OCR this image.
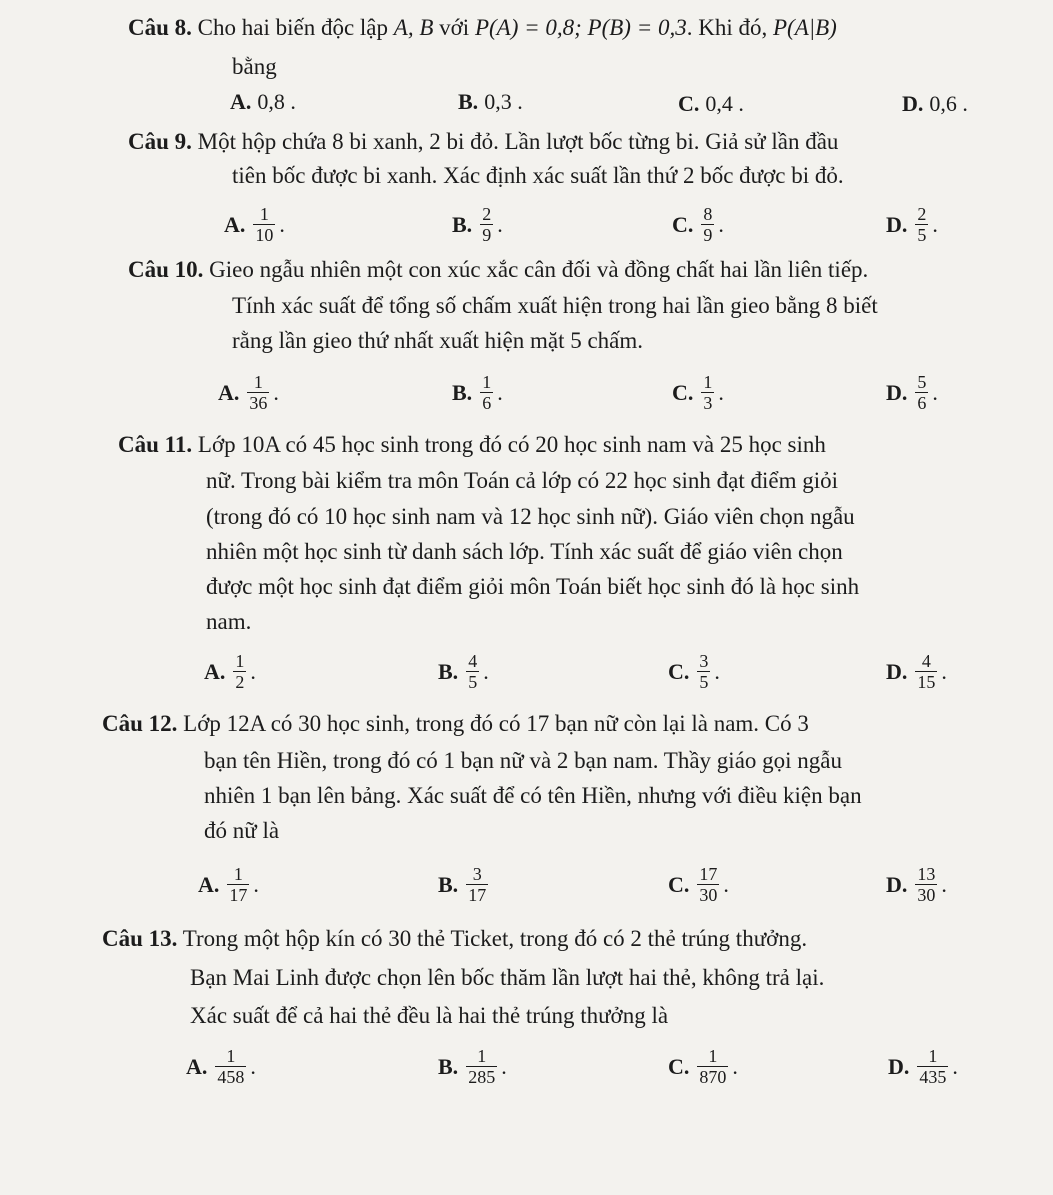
Câu 8. Cho hai biến độc lập A, B với P(A) = 0,8; P(B) = 0,3. Khi đó, P(A|B)
bằng
A. 0,8 .	B. 0,3 .	C. 0,4 .	D. 0,6 .
Câu 9. Một hộp chứa 8 bi xanh, 2 bi đỏ. Lần lượt bốc từng bi. Giả sử lần đầu
tiên bốc được bi xanh. Xác định xác suất lần thứ 2 bốc được bi đỏ.
A. $\frac{1}{10}$ .	B. $\frac{2}{9}$ .	C. $\frac{8}{9}$ .	D. $\frac{2}{5}$ .
Câu 10. Gieo ngẫu nhiên một con xúc xắc cân đối và đồng chất hai lần liên tiếp.
Tính xác suất để tổng số chấm xuất hiện trong hai lần gieo bằng 8 biết
rằng lần gieo thứ nhất xuất hiện mặt 5 chấm.
A. $\frac{1}{36}$ .	B. $\frac{1}{6}$ .	C. $\frac{1}{3}$ .	D. $\frac{5}{6}$ .
Câu 11. Lớp 10A có 45 học sinh trong đó có 20 học sinh nam và 25 học sinh
nữ. Trong bài kiểm tra môn Toán cả lớp có 22 học sinh đạt điểm giỏi
(trong đó có 10 học sinh nam và 12 học sinh nữ). Giáo viên chọn ngẫu
nhiên một học sinh từ danh sách lớp. Tính xác suất để giáo viên chọn
được một học sinh đạt điểm giỏi môn Toán biết học sinh đó là học sinh
nam.
A. $\frac{1}{2}$ .	B. $\frac{4}{5}$ .	C. $\frac{3}{5}$ .	D. $\frac{4}{15}$ .
Câu 12. Lớp 12A có 30 học sinh, trong đó có 17 bạn nữ còn lại là nam. Có 3
bạn tên Hiền, trong đó có 1 bạn nữ và 2 bạn nam. Thầy giáo gọi ngẫu
nhiên 1 bạn lên bảng. Xác suất để có tên Hiền, nhưng với điều kiện bạn
đó nữ là
A. $\frac{1}{17}$ .	B. $\frac{3}{17}$	C. $\frac{17}{30}$ .	D. $\frac{13}{30}$ .
Câu 13. Trong một hộp kín có 30 thẻ Ticket, trong đó có 2 thẻ trúng thưởng.
Bạn Mai Linh được chọn lên bốc thăm lần lượt hai thẻ, không trả lại.
Xác suất để cả hai thẻ đều là hai thẻ trúng thưởng là
A. $\frac{1}{458}$ .	B. $\frac{1}{285}$ .	C. $\frac{1}{870}$ .	D. $\frac{1}{435}$ .
